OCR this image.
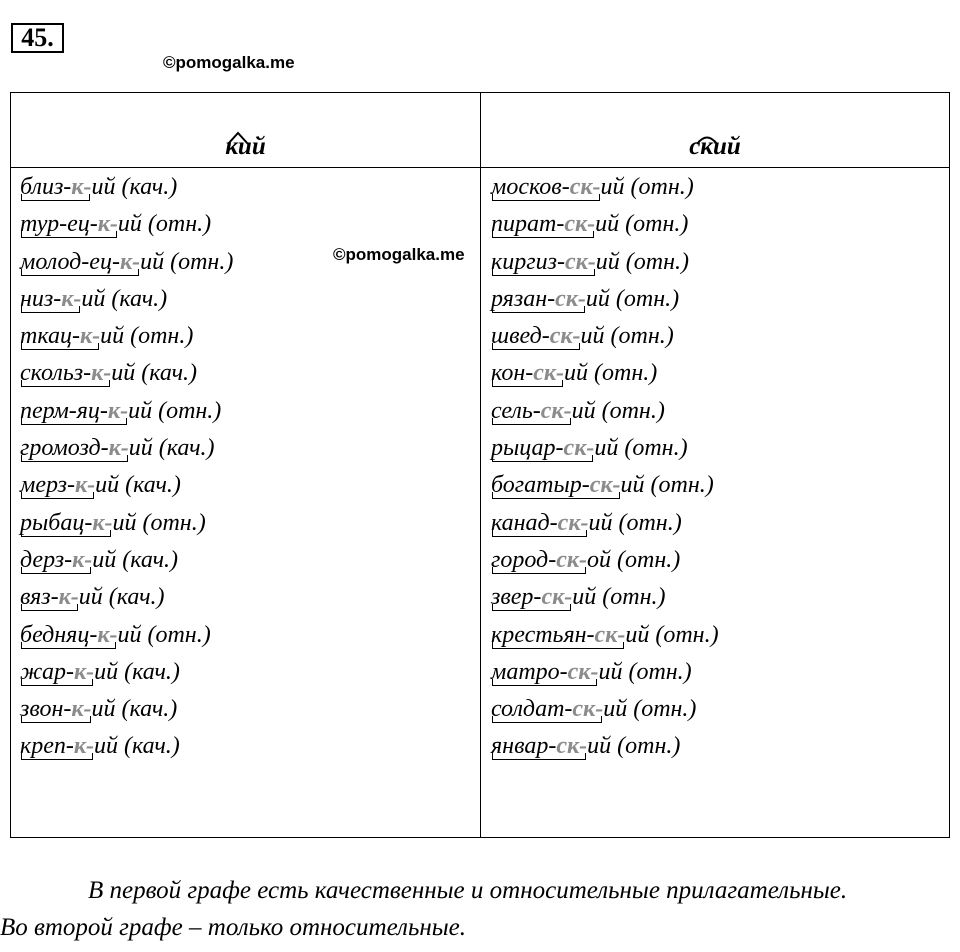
45.
©pomogalka.me
кий	ский
близ-к-ий (кач.)
тур-ец-к-ий (отн.)
молод-ец-к-ий (отн.)
низ-к-ий (кач.)
ткац-к-ий (отн.)
скольз-к-ий (кач.)
перм-яц-к-ий (отн.)
громозд-к-ий (кач.)
мерз-к-ий (кач.)
рыбац-к-ий (отн.)
дерз-к-ий (кач.)
вяз-к-ий (кач.)
бедняц-к-ий (отн.)
жар-к-ий (кач.)
звон-к-ий (кач.)
креп-к-ий (кач.)
москов-ск-ий (отн.)
пират-ск-ий (отн.)
киргиз-ск-ий (отн.)
рязан-ск-ий (отн.)
швед-ск-ий (отн.)
кон-ск-ий (отн.)
сель-ск-ий (отн.)
рыцар-ск-ий (отн.)
богатыр-ск-ий (отн.)
канад-ск-ий (отн.)
город-ск-ой (отн.)
звер-ск-ий (отн.)
крестьян-ск-ий (отн.)
матро-ск-ий (отн.)
солдат-ск-ий (отн.)
январ-ск-ий (отн.)
©pomogalka.me

В первой графе есть качественные и относительные прилагательные.

Во второй графе – только относительные.
